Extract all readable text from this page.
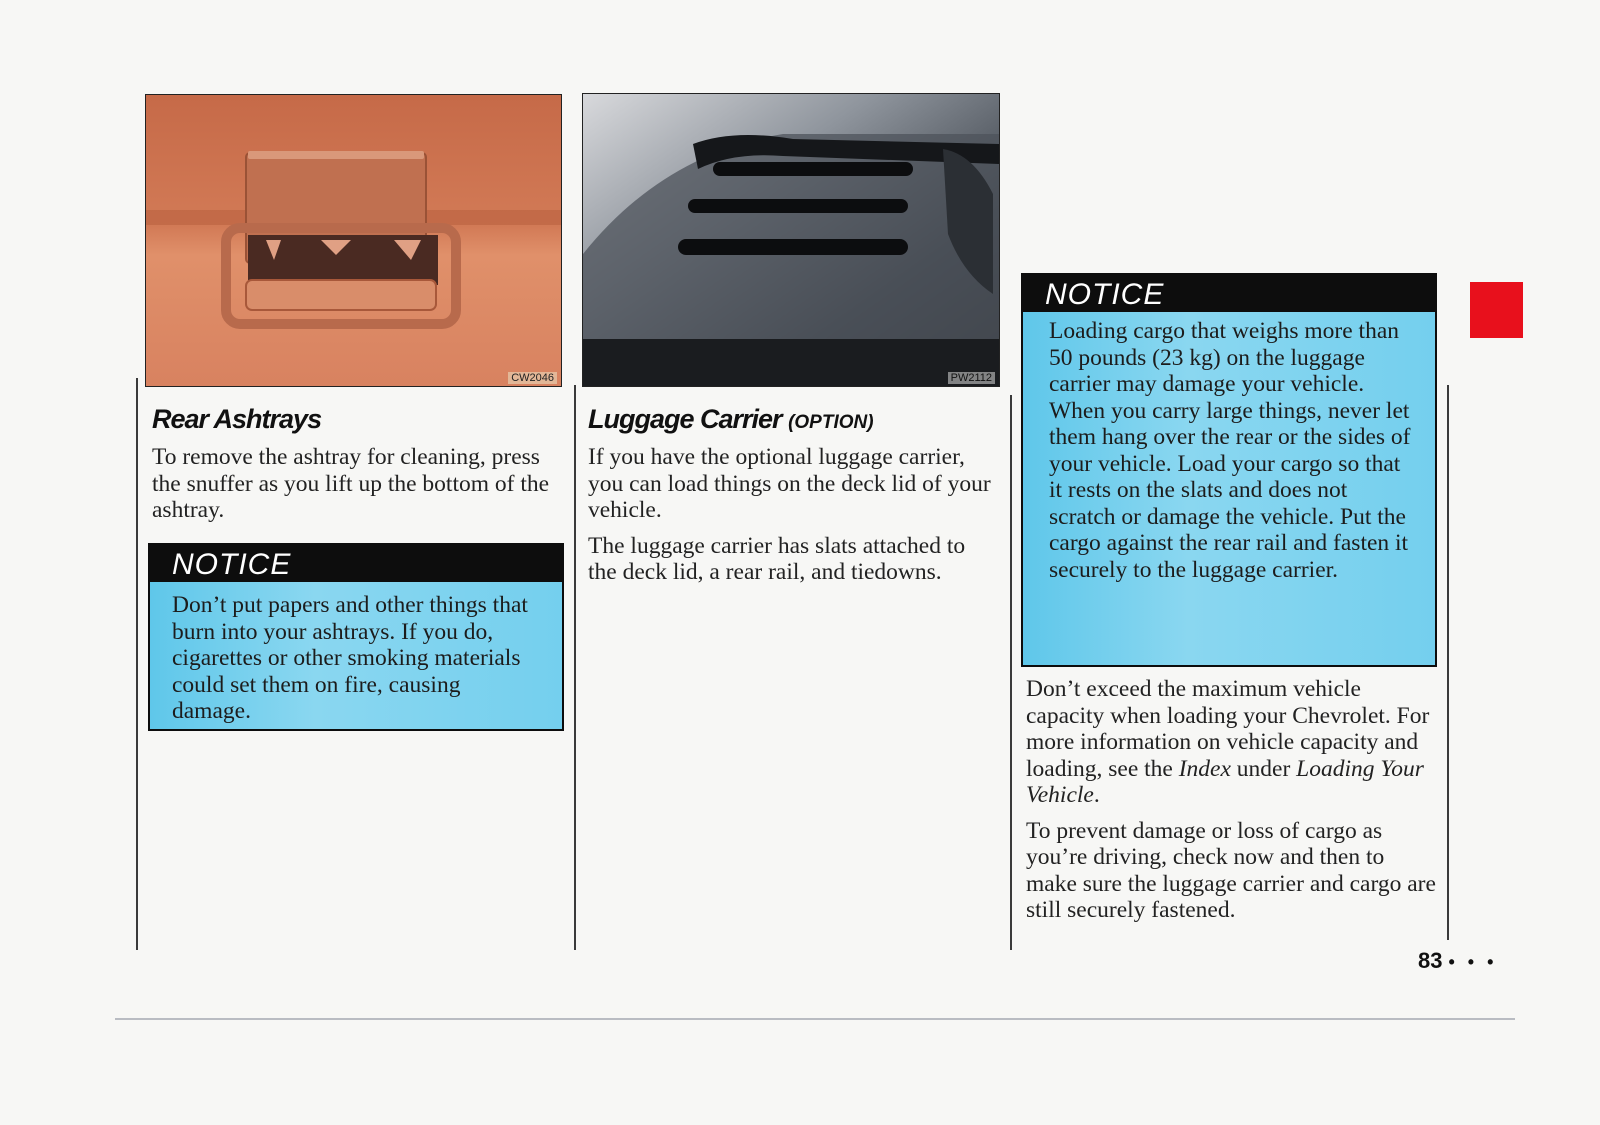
CW2046	PW2112
Rear Ashtrays

To remove the ashtray for cleaning, press the snuffer as you lift up the bottom of the ashtray.

NOTICE
Don’t put papers and other things that burn into your ashtrays. If you do, cigarettes or other smoking materials could set them on fire, causing damage.
Luggage Carrier (OPTION)

If you have the optional luggage carrier, you can load things on the deck lid of your vehicle.

The luggage carrier has slats attached to the deck lid, a rear rail, and tiedowns.

NOTICE
Loading cargo that weighs more than 50 pounds (23 kg) on the luggage carrier may damage your vehicle. When you carry large things, never let them hang over the rear or the sides of your vehicle. Load your cargo so that it rests on the slats and does not scratch or damage the vehicle. Put the cargo against the rear rail and fasten it securely to the luggage carrier.

Don’t exceed the maximum vehicle capacity when loading your Chevrolet. For more information on vehicle capacity and loading, see the Index under Loading Your Vehicle.

To prevent damage or loss of cargo as you’re driving, check now and then to make sure the luggage carrier and cargo are still securely fastened.

83 • • •
